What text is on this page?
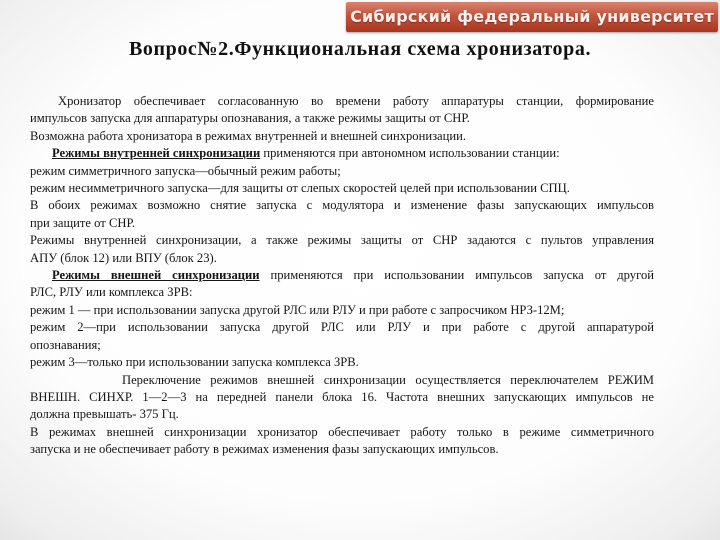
Сибирский федеральный университет
Вопрос№2.Функциональная схема хронизатора.
Хронизатор обеспечивает согласованную во времени работу аппаратуры станции, формирование
импульсов запуска для аппаратуры опознавания, а также режимы защиты от СНР.
Возможна работа хронизатора в режимах внутренней и внешней синхронизации.
Режимы внутренней синхронизации применяются при автономном использовании станции:
режим симметричного запуска—обычный режим работы;
режим несимметричного запуска—для защиты от слепых скоростей целей при использовании СПЦ.
В обоих режимах возможно снятие запуска с модулятора и изменение фазы запускающих импульсов
при защите от СНР.
Режимы внутренней синхронизации, а также режимы защиты от СНР задаются с пультов управления
АПУ (блок 12) или ВПУ (блок 23).
Режимы внешней синхронизации применяются при использовании импульсов запуска от другой
РЛС, РЛУ или комплекса ЗРВ:
режим 1 — при использовании запуска другой РЛС или РЛУ и при работе с запросчиком НРЗ-12М;
режим 2—при использовании запуска другой РЛС или РЛУ и при работе с другой аппаратурой
опознавания;
режим 3—только при использовании запуска комплекса ЗРВ.
Переключение режимов внешней синхронизации осуществляется переключателем РЕЖИМ
ВНЕШН. СИНХР. 1—2—3 на передней панели блока 16. Частота внешних запускающих импульсов не
должна превышать- 375 Гц.
В режимах внешней синхронизации хронизатор обеспечивает работу только в режиме симметричного
запуска и не обеспечивает работу в режимах изменения фазы запускающих импульсов.
